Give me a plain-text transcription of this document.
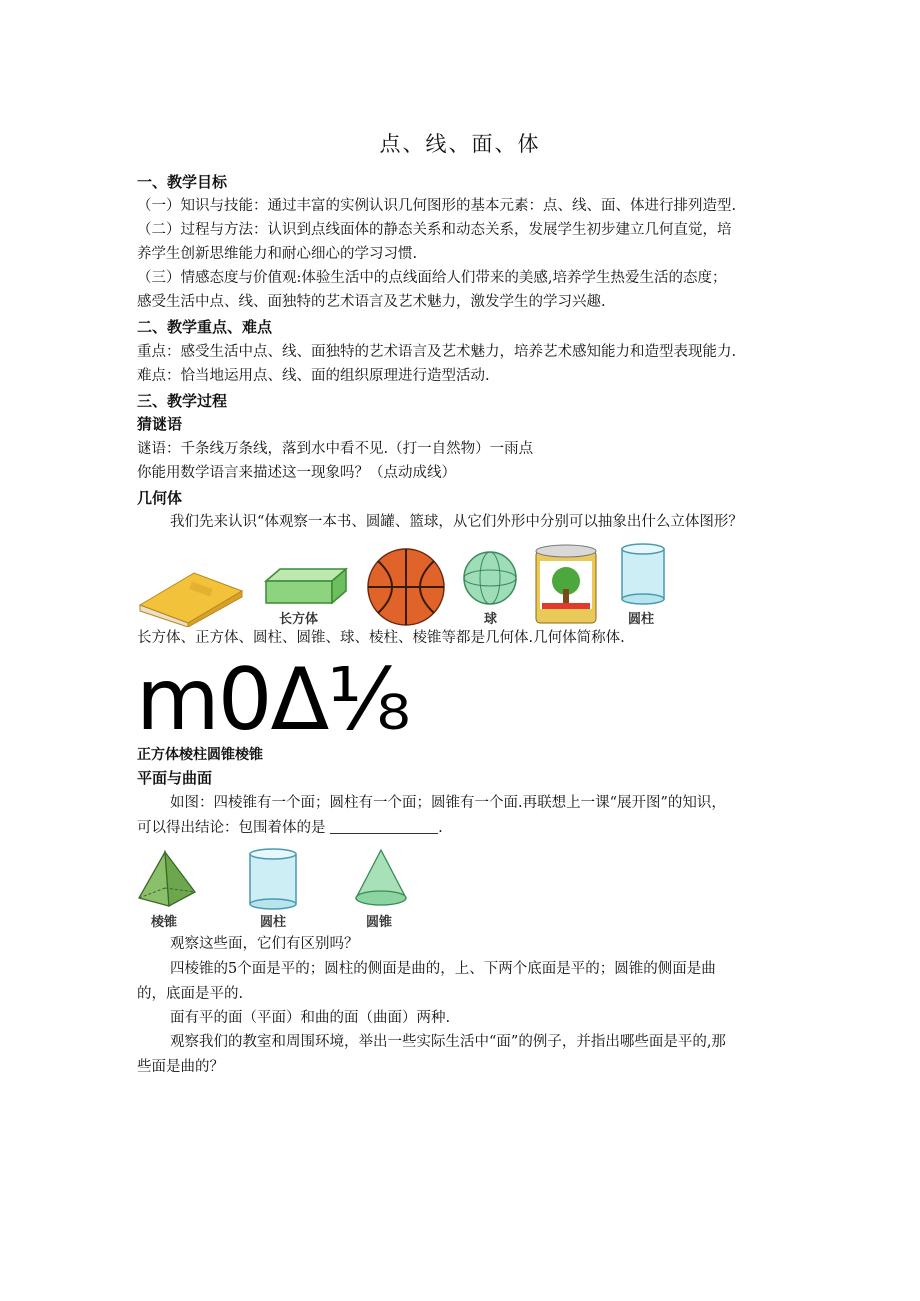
点、线、面、体
一、教学目标
（一）知识与技能：通过丰富的实例认识几何图形的基本元素：点、线、面、体进行排列造型.
（二）过程与方法：认识到点线面体的静态关系和动态关系，发展学生初步建立几何直觉，培
养学生创新思维能力和耐心细心的学习习惯.
（三）情感态度与价值观:体验生活中的点线面给人们带来的美感,培养学生热爱生活的态度；
感受生活中点、线、面独特的艺术语言及艺术魅力，激发学生的学习兴趣.
二、教学重点、难点
重点：感受生活中点、线、面独特的艺术语言及艺术魅力，培养艺术感知能力和造型表现能力.
难点：恰当地运用点、线、面的组织原理进行造型活动.
三、教学过程
猜谜语
谜语：千条线万条线，落到水中看不见.（打一自然物）一雨点
你能用数学语言来描述这一现象吗？（点动成线）
几何体
我们先来认识“体观察一本书、圆罐、篮球，从它们外形中分别可以抽象出什么立体图形？
长方体	球	圆柱
长方体、正方体、圆柱、圆锥、球、棱柱、棱锥等都是几何体.几何体简称体.
m0Δ⅛
正方体棱柱圆锥棱锥
平面与曲面
如图：四棱锥有一个面；圆柱有一个面；圆锥有一个面.再联想上一课“展开图”的知识，
可以得出结论：包围着体的是	.
棱锥	圆柱	圆锥
观察这些面，它们有区别吗？
四棱锥的5个面是平的；圆柱的侧面是曲的，上、下两个底面是平的；圆锥的侧面是曲
的，底面是平的.
面有平的面（平面）和曲的面（曲面）两种.
观察我们的教室和周围环境，举出一些实际生活中“面”的例子，并指出哪些面是平的,那
些面是曲的？
